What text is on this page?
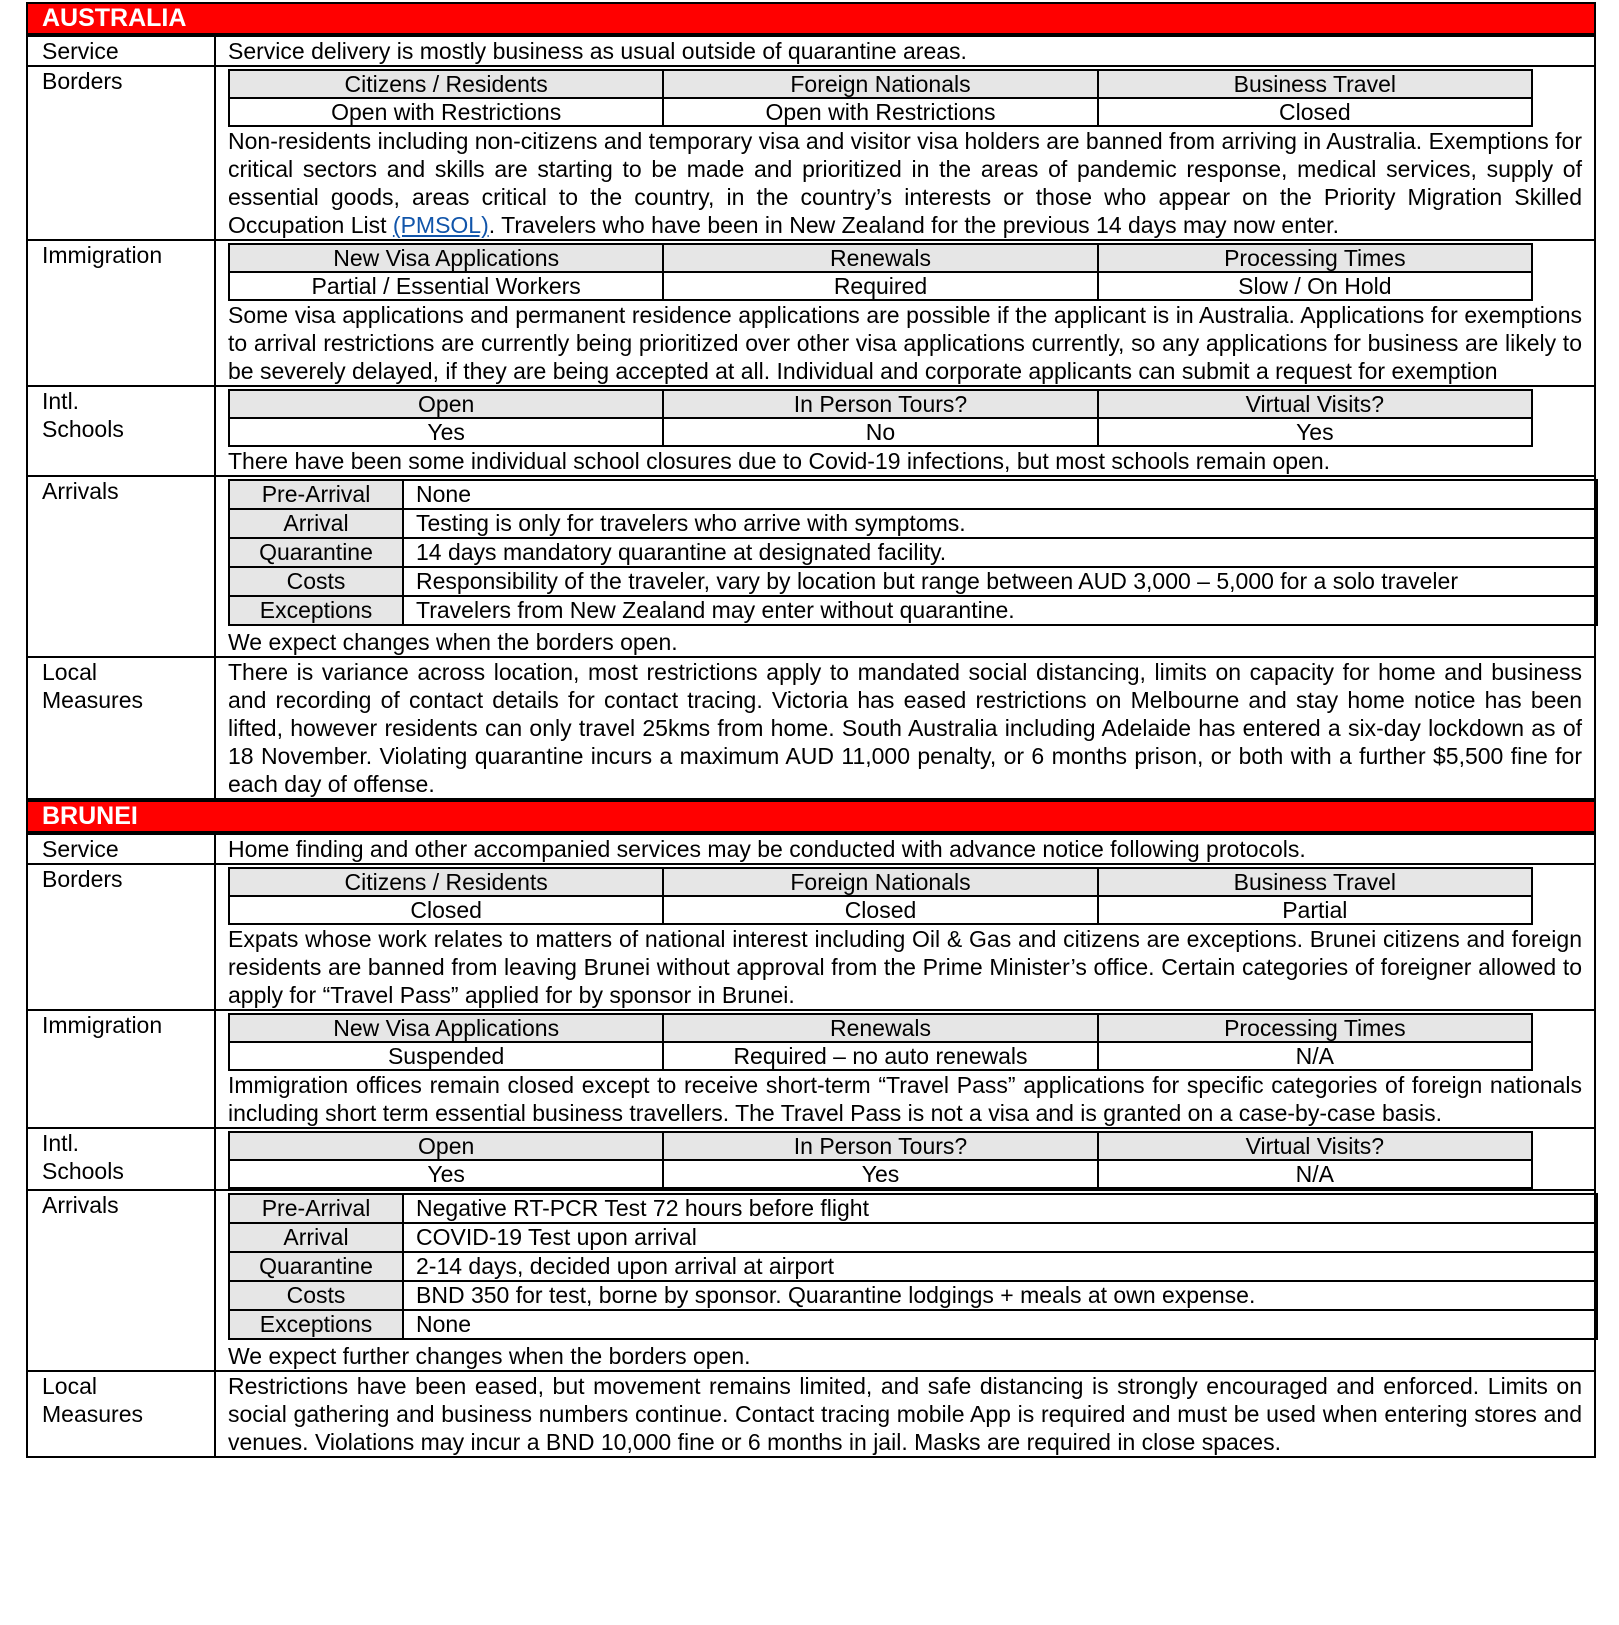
AUSTRALIA
Service	Service delivery is mostly business as usual outside of quarantine areas.
Borders		Citizens / Residents	Foreign Nationals	Business Travel
Open with Restrictions	Open with Restrictions	Closed
Non-residents including non-citizens and temporary visa and visitor visa holders are banned from arriving in Australia. Exemptions for critical sectors and skills are starting to be made and prioritized in the areas of pandemic response, medical services, supply of essential goods, areas critical to the country, in the country’s interests or those who appear on the Priority Migration Skilled Occupation List (PMSOL). Travelers who have been in New Zealand for the previous 14 days may now enter.

Immigration		New Visa Applications	Renewals	Processing Times
Partial / Essential Workers	Required	Slow / On Hold
Some visa applications and permanent residence applications are possible if the applicant is in Australia. Applications for exemptions to arrival restrictions are currently being prioritized over other visa applications currently, so any applications for business are likely to be severely delayed, if they are being accepted at all. Individual and corporate applicants can submit a request for exemption

Intl.
Schools

Open	In Person Tours?	Virtual Visits?
Yes	No	Yes
There have been some individual school closures due to Covid-19 infections, but most schools remain open.

Arrivals		Pre-Arrival	None
Arrival	Testing is only for travelers who arrive with symptoms.
Quarantine	14 days mandatory quarantine at designated facility.
Costs	Responsibility of the traveler, vary by location but range between AUD 3,000 – 5,000 for a solo traveler
Exceptions	Travelers from New Zealand may enter without quarantine.
We expect changes when the borders open.

Local
Measures
	There is variance across location, most restrictions apply to mandated social distancing, limits on capacity for home and business and recording of contact details for contact tracing. Victoria has eased restrictions on Melbourne and stay home notice has been lifted, however residents can only travel 25kms from home. South Australia including Adelaide has entered a six-day lockdown as of 18 November. Violating quarantine incurs a maximum AUD 11,000 penalty, or 6 months prison, or both with a further $5,500 fine for each day of offense.
BRUNEI
Service	Home finding and other accompanied services may be conducted with advance notice following protocols.
Borders		Citizens / Residents	Foreign Nationals	Business Travel
Closed	Closed	Partial
Expats whose work relates to matters of national interest including Oil & Gas and citizens are exceptions. Brunei citizens and foreign residents are banned from leaving Brunei without approval from the Prime Minister’s office. Certain categories of foreigner allowed to apply for “Travel Pass” applied for by sponsor in Brunei.

Immigration		New Visa Applications	Renewals	Processing Times
Suspended	Required – no auto renewals	N/A
Immigration offices remain closed except to receive short-term “Travel Pass” applications for specific categories of foreign nationals including short term essential business travellers. The Travel Pass is not a visa and is granted on a case-by-case basis.

Intl.
Schools

Open	In Person Tours?	Virtual Visits?
Yes	Yes	N/A

Arrivals		Pre-Arrival	Negative RT-PCR Test 72 hours before flight
Arrival	COVID-19 Test upon arrival
Quarantine	2-14 days, decided upon arrival at airport
Costs	BND 350 for test, borne by sponsor. Quarantine lodgings + meals at own expense.
Exceptions	None
We expect further changes when the borders open.

Local
Measures
	Restrictions have been eased, but movement remains limited, and safe distancing is strongly encouraged and enforced. Limits on social gathering and business numbers continue. Contact tracing mobile App is required and must be used when entering stores and venues. Violations may incur a BND 10,000 fine or 6 months in jail. Masks are required in close spaces.
